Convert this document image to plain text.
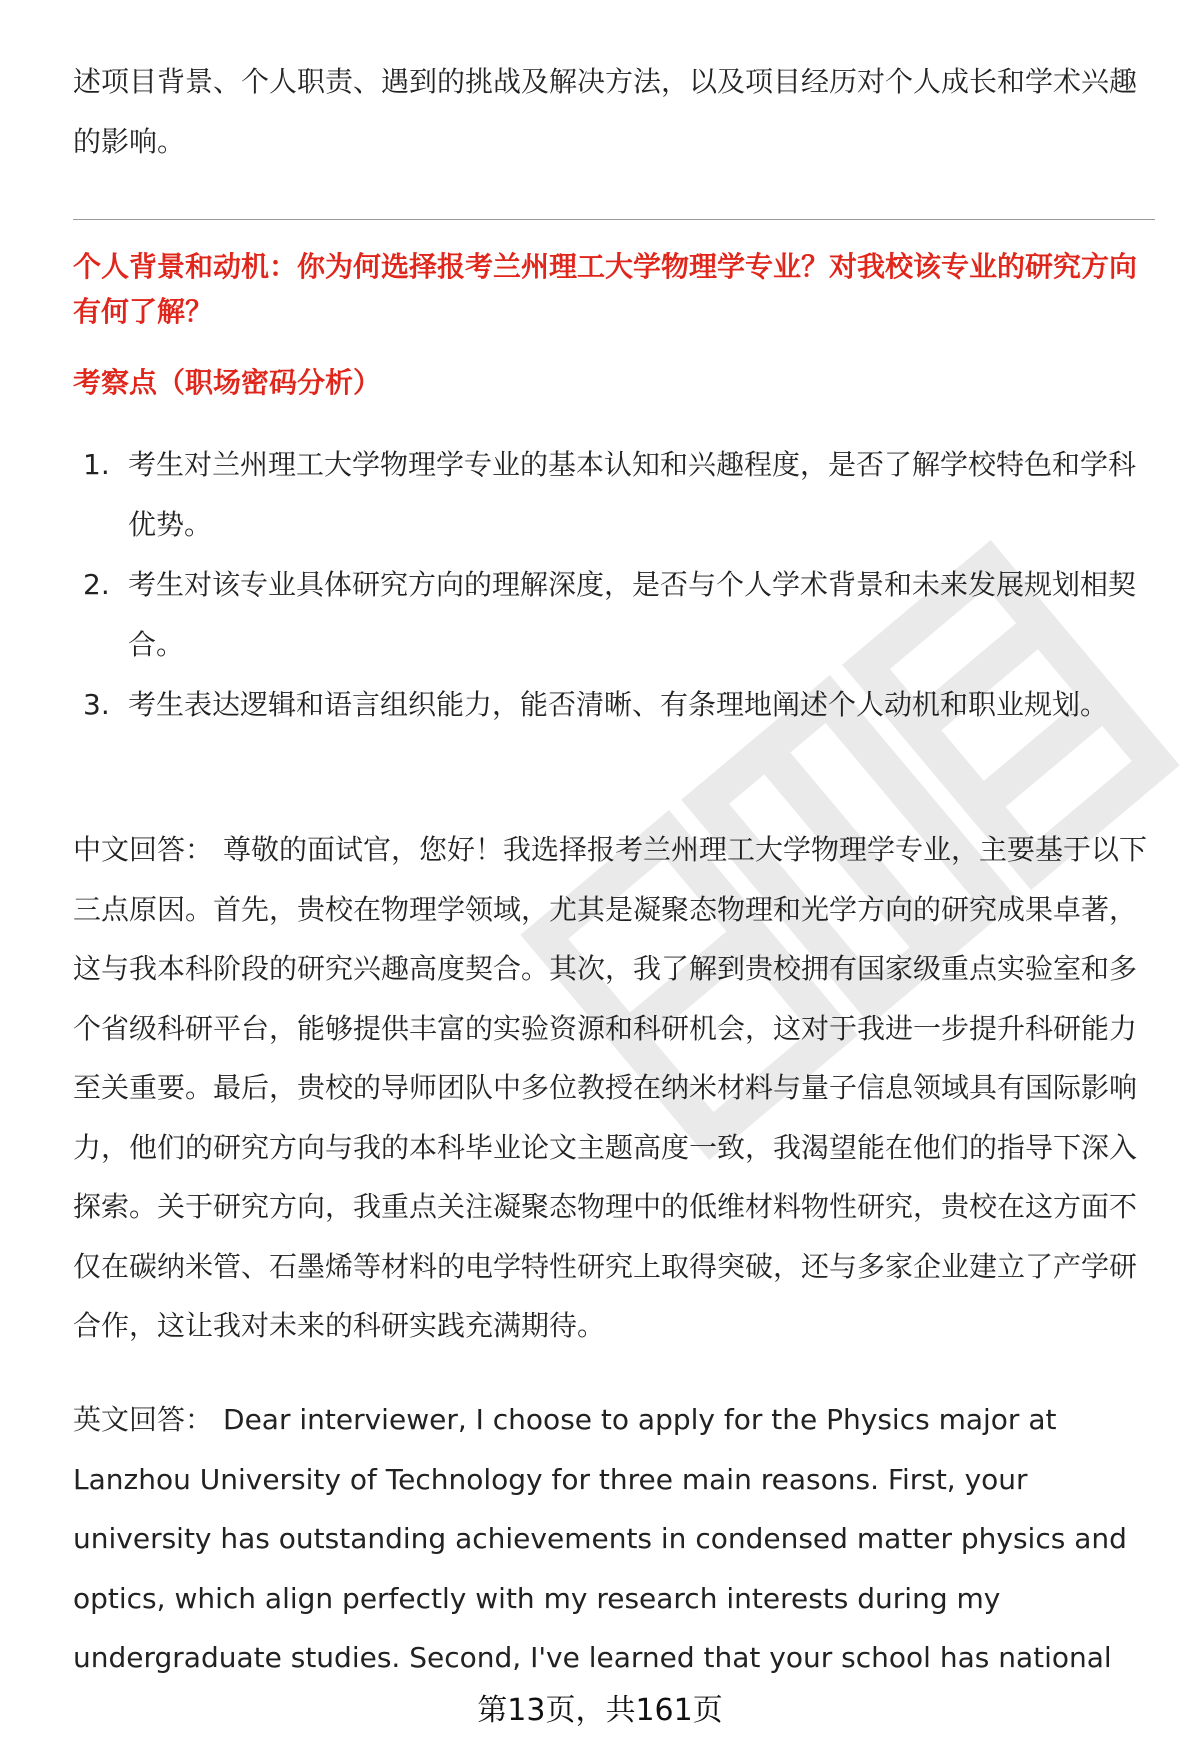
述项目背景、个人职责、遇到的挑战及解决方法，以及项目经历对个人成长和学术兴趣的影响。

个人背景和动机：你为何选择报考兰州理工大学物理学专业？对我校该专业的研究方向有何了解？

考察点（职场密码分析）

1. 考生对兰州理工大学物理学专业的基本认知和兴趣程度，是否了解学校特色和学科优势。
2. 考生对该专业具体研究方向的理解深度，是否与个人学术背景和未来发展规划相契合。
3. 考生表达逻辑和语言组织能力，能否清晰、有条理地阐述个人动机和职业规划。

中文回答： 尊敬的面试官，您好！我选择报考兰州理工大学物理学专业，主要基于以下三点原因。首先，贵校在物理学领域，尤其是凝聚态物理和光学方向的研究成果卓著，这与我本科阶段的研究兴趣高度契合。其次，我了解到贵校拥有国家级重点实验室和多个省级科研平台，能够提供丰富的实验资源和科研机会，这对于我进一步提升科研能力至关重要。最后，贵校的导师团队中多位教授在纳米材料与量子信息领域具有国际影响力，他们的研究方向与我的本科毕业论文主题高度一致，我渴望能在他们的指导下深入探索。关于研究方向，我重点关注凝聚态物理中的低维材料物性研究，贵校在这方面不仅在碳纳米管、石墨烯等材料的电学特性研究上取得突破，还与多家企业建立了产学研合作，这让我对未来的科研实践充满期待。

英文回答： Dear interviewer, I choose to apply for the Physics major at Lanzhou University of Technology for three main reasons. First, your university has outstanding achievements in condensed matter physics and optics, which align perfectly with my research interests during my undergraduate studies. Second, I've learned that your school has national

第13页，共161页
